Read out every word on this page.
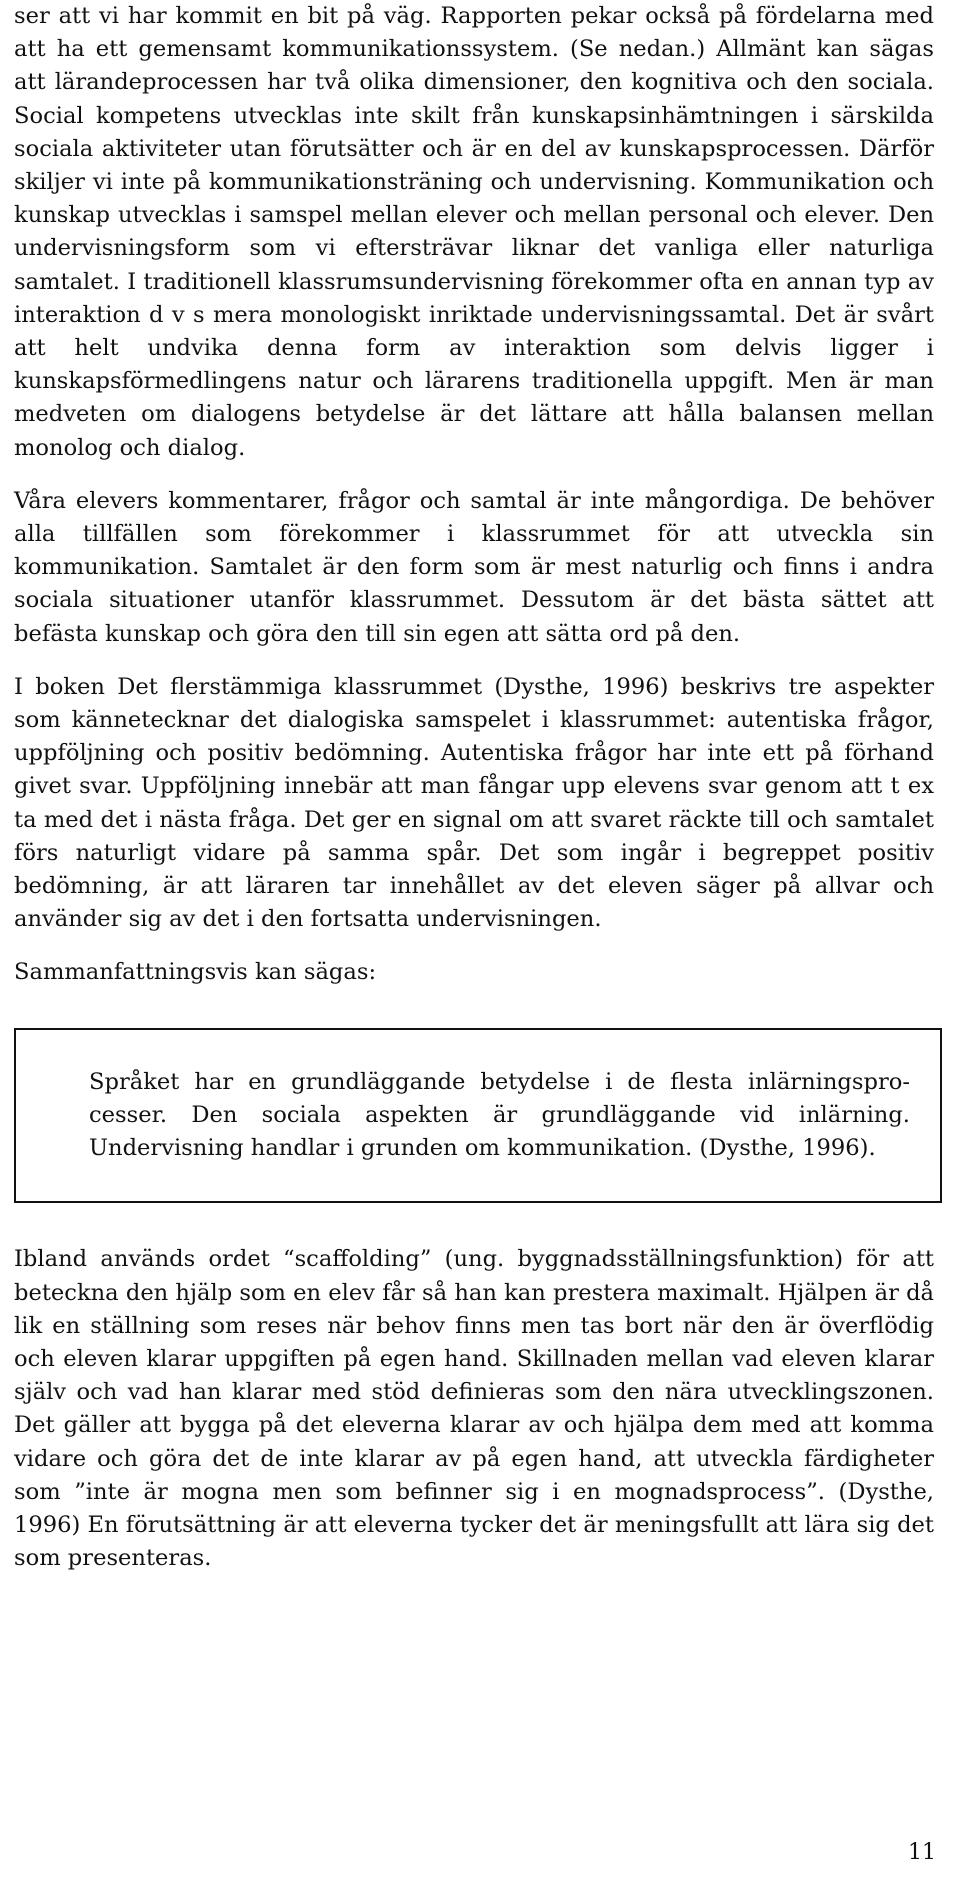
ser att vi har kommit en bit på väg. Rapporten pekar också på fördelarna med att ha ett gemensamt kommunikationssystem. (Se nedan.) Allmänt kan sägas att lärandeprocessen har två olika dimensioner, den kognitiva och den sociala. Social kompetens utvecklas inte skilt från kunskapsinhämtningen i särskilda sociala aktiviteter utan förutsätter och är en del av kunskapsprocessen. Därför skiljer vi inte på kommunikationsträning och undervisning. Kommunikation och kunskap utvecklas i samspel mellan elever och mellan personal och elever. Den undervisningsform som vi eftersträvar liknar det vanliga eller naturliga samtalet. I traditionell klassrumsundervisning förekommer ofta en annan typ av interaktion d v s mera monologiskt inriktade undervisningssamtal. Det är svårt att helt undvika denna form av interaktion som delvis ligger i kunskapsförmedlingens natur och lärarens traditionella uppgift. Men är man medveten om dialogens betydelse är det lättare att hålla balansen mellan monolog och dialog.

Våra elevers kommentarer, frågor och samtal är inte mångordiga. De behöver alla tillfällen som förekommer i klassrummet för att utveckla sin kommunikation. Samtalet är den form som är mest naturlig och finns i andra sociala situationer utanför klassrummet. Dessutom är det bästa sättet att befästa kunskap och göra den till sin egen att sätta ord på den.

I boken Det flerstämmiga klassrummet (Dysthe, 1996) beskrivs tre aspekter som kännetecknar det dialogiska samspelet i klassrummet: autentiska frågor, uppföljning och positiv bedömning. Autentiska frågor har inte ett på förhand givet svar. Uppföljning innebär att man fångar upp elevens svar genom att t ex ta med det i nästa fråga. Det ger en signal om att svaret räckte till och samtalet förs naturligt vidare på samma spår. Det som ingår i begreppet positiv bedömning, är att läraren tar innehållet av det eleven säger på allvar och använder sig av det i den fortsatta undervisningen.

Sammanfattningsvis kan sägas:

Språket har en grundläggande betydelse i de flesta inlärningsprocesser. Den sociala aspekten är grundläggande vid inlärning. Undervisning handlar i grunden om kommunikation. (Dysthe, 1996).

Ibland används ordet “scaffolding” (ung. byggnadsställningsfunktion) för att beteckna den hjälp som en elev får så han kan prestera maximalt. Hjälpen är då lik en ställning som reses när behov finns men tas bort när den är överflödig och eleven klarar uppgiften på egen hand. Skillnaden mellan vad eleven klarar själv och vad han klarar med stöd definieras som den nära utvecklingszonen. Det gäller att bygga på det eleverna klarar av och hjälpa dem med att komma vidare och göra det de inte klarar av på egen hand, att utveckla färdigheter som ”inte är mogna men som befinner sig i en mognadsprocess”. (Dysthe, 1996) En förutsättning är att eleverna tycker det är meningsfullt att lära sig det som presenteras.

11
